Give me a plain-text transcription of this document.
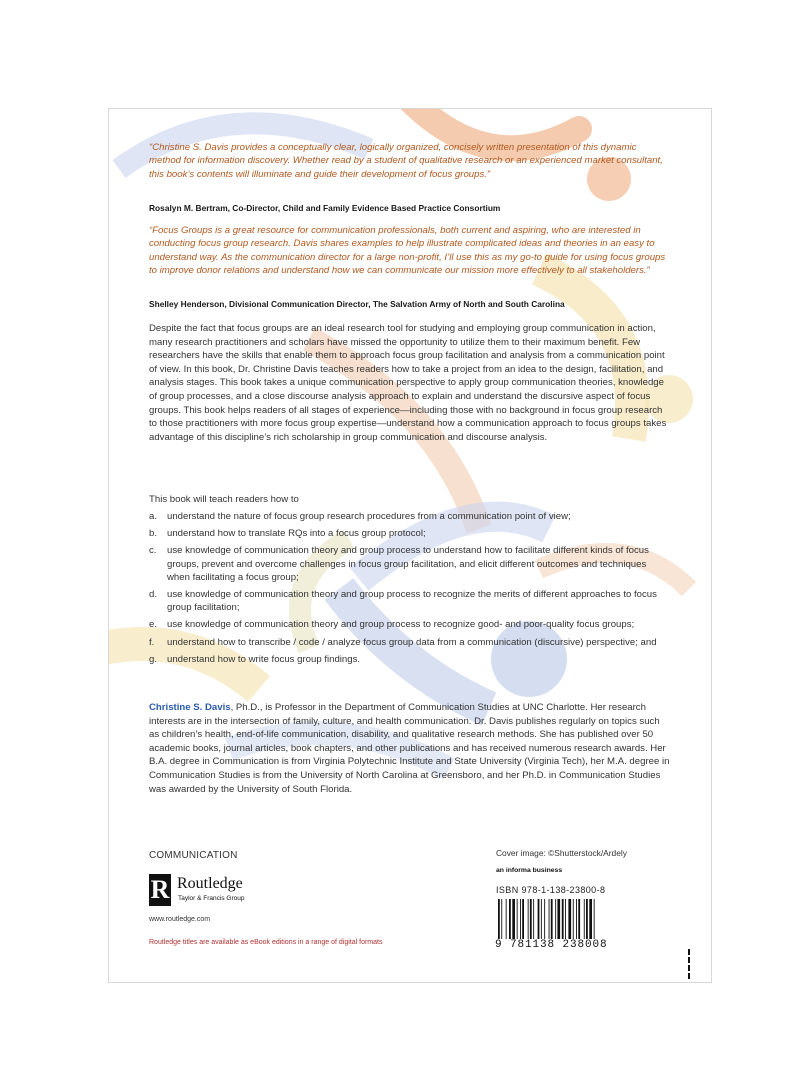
“Christine S. Davis provides a conceptually clear, logically organized, concisely written presentation of this dynamic method for information discovery. Whether read by a student of qualitative research or an experienced market consultant, this book’s contents will illuminate and guide their development of focus groups.”

Rosalyn M. Bertram, Co-Director, Child and Family Evidence Based Practice Consortium

“Focus Groups is a great resource for communication professionals, both current and aspiring, who are interested in conducting focus group research. Davis shares examples to help illustrate complicated ideas and theories in an easy to understand way. As the communication director for a large non-profit, I’ll use this as my go-to guide for using focus groups to improve donor relations and understand how we can communicate our mission more effectively to all stakeholders.”

Shelley Henderson, Divisional Communication Director, The Salvation Army of North and South Carolina

Despite the fact that focus groups are an ideal research tool for studying and employing group communication in action, many research practitioners and scholars have missed the opportunity to utilize them to their maximum benefit. Few researchers have the skills that enable them to approach focus group facilitation and analysis from a communication point of view. In this book, Dr. Christine Davis teaches readers how to take a project from an idea to the design, facilitation, and analysis stages. This book takes a unique communication perspective to apply group communication theories, knowledge of group processes, and a close discourse analysis approach to explain and understand the discursive aspect of focus groups. This book helps readers of all stages of experience—including those with no background in focus group research to those practitioners with more focus group expertise—understand how a communication approach to focus groups takes advantage of this discipline’s rich scholarship in group communication and discourse analysis.

This book will teach readers how to

a.	understand the nature of focus group research procedures from a communication point of view;
b.	understand how to translate RQs into a focus group protocol;
c.	use knowledge of communication theory and group process to understand how to facilitate different kinds of focus groups, prevent and overcome challenges in focus group facilitation, and elicit different outcomes and techniques when facilitating a focus group;
d.	use knowledge of communication theory and group process to recognize the merits of different approaches to focus group facilitation;
e.	use knowledge of communication theory and group process to recognize good- and poor-quality focus groups;
f.	understand how to transcribe / code / analyze focus group data from a communication (discursive) perspective; and
g.	understand how to write focus group findings.

Christine S. Davis, Ph.D., is Professor in the Department of Communication Studies at UNC Charlotte. Her research interests are in the intersection of family, culture, and health communication. Dr. Davis publishes regularly on topics such as children’s health, end-of-life communication, disability, and qualitative research methods. She has published over 50 academic books, journal articles, book chapters, and other publications and has received numerous research awards. Her B.A. degree in Communication is from Virginia Polytechnic Institute and State University (Virginia Tech), her M.A. degree in Communication Studies is from the University of North Carolina at Greensboro, and her Ph.D. in Communication Studies was awarded by the University of South Florida.

COMMUNICATION
R Routledge
Taylor & Francis Group
www.routledge.com
Routledge titles are available as eBook editions in a range of digital formats
Cover image: ©Shutterstock/Ardely
an informa business
ISBN 978-1-138-23800-8
9 781138 238008
